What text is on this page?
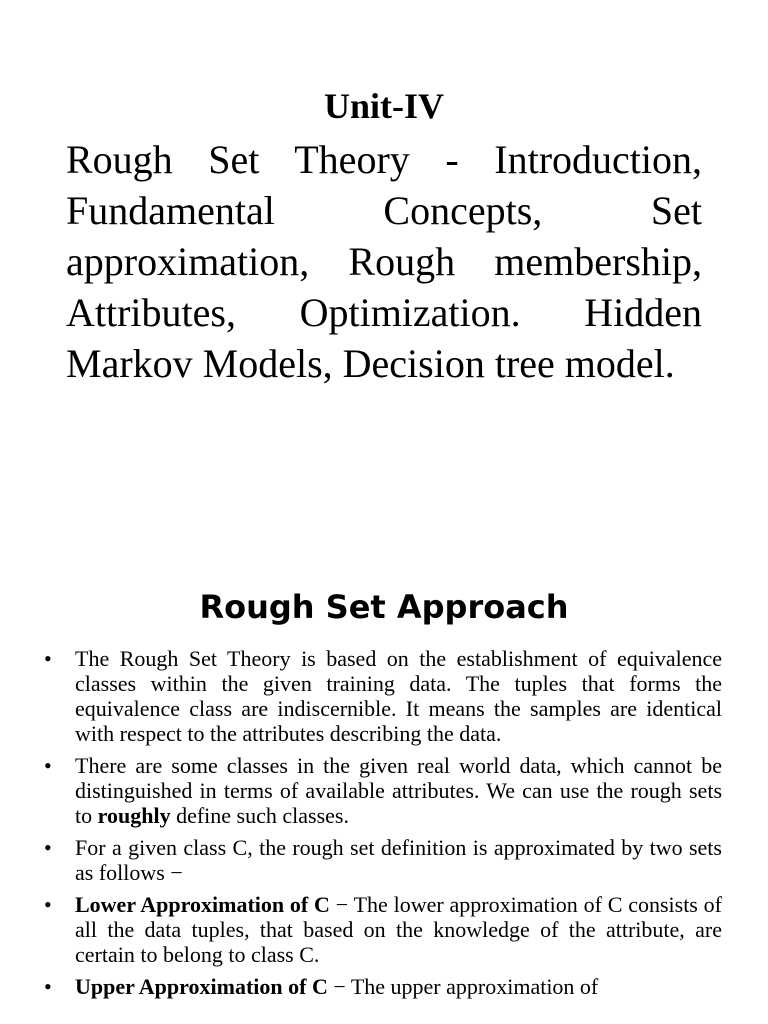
Unit-IV

Rough Set Theory - Introduction, Fundamental Concepts, Set approximation, Rough membership, Attributes, Optimization. Hidden Markov Models, Decision tree model.

Rough Set Approach
• The Rough Set Theory is based on the establishment of equivalence classes within the given training data. The tuples that forms the equivalence class are indiscernible. It means the samples are identical with respect to the attributes describing the data.
• There are some classes in the given real world data, which cannot be distinguished in terms of available attributes. We can use the rough sets to roughly define such classes.
• For a given class C, the rough set definition is approximated by two sets as follows −
• Lower Approximation of C − The lower approximation of C consists of all the data tuples, that based on the knowledge of the attribute, are certain to belong to class C.
• Upper Approximation of C − The upper approximation of
